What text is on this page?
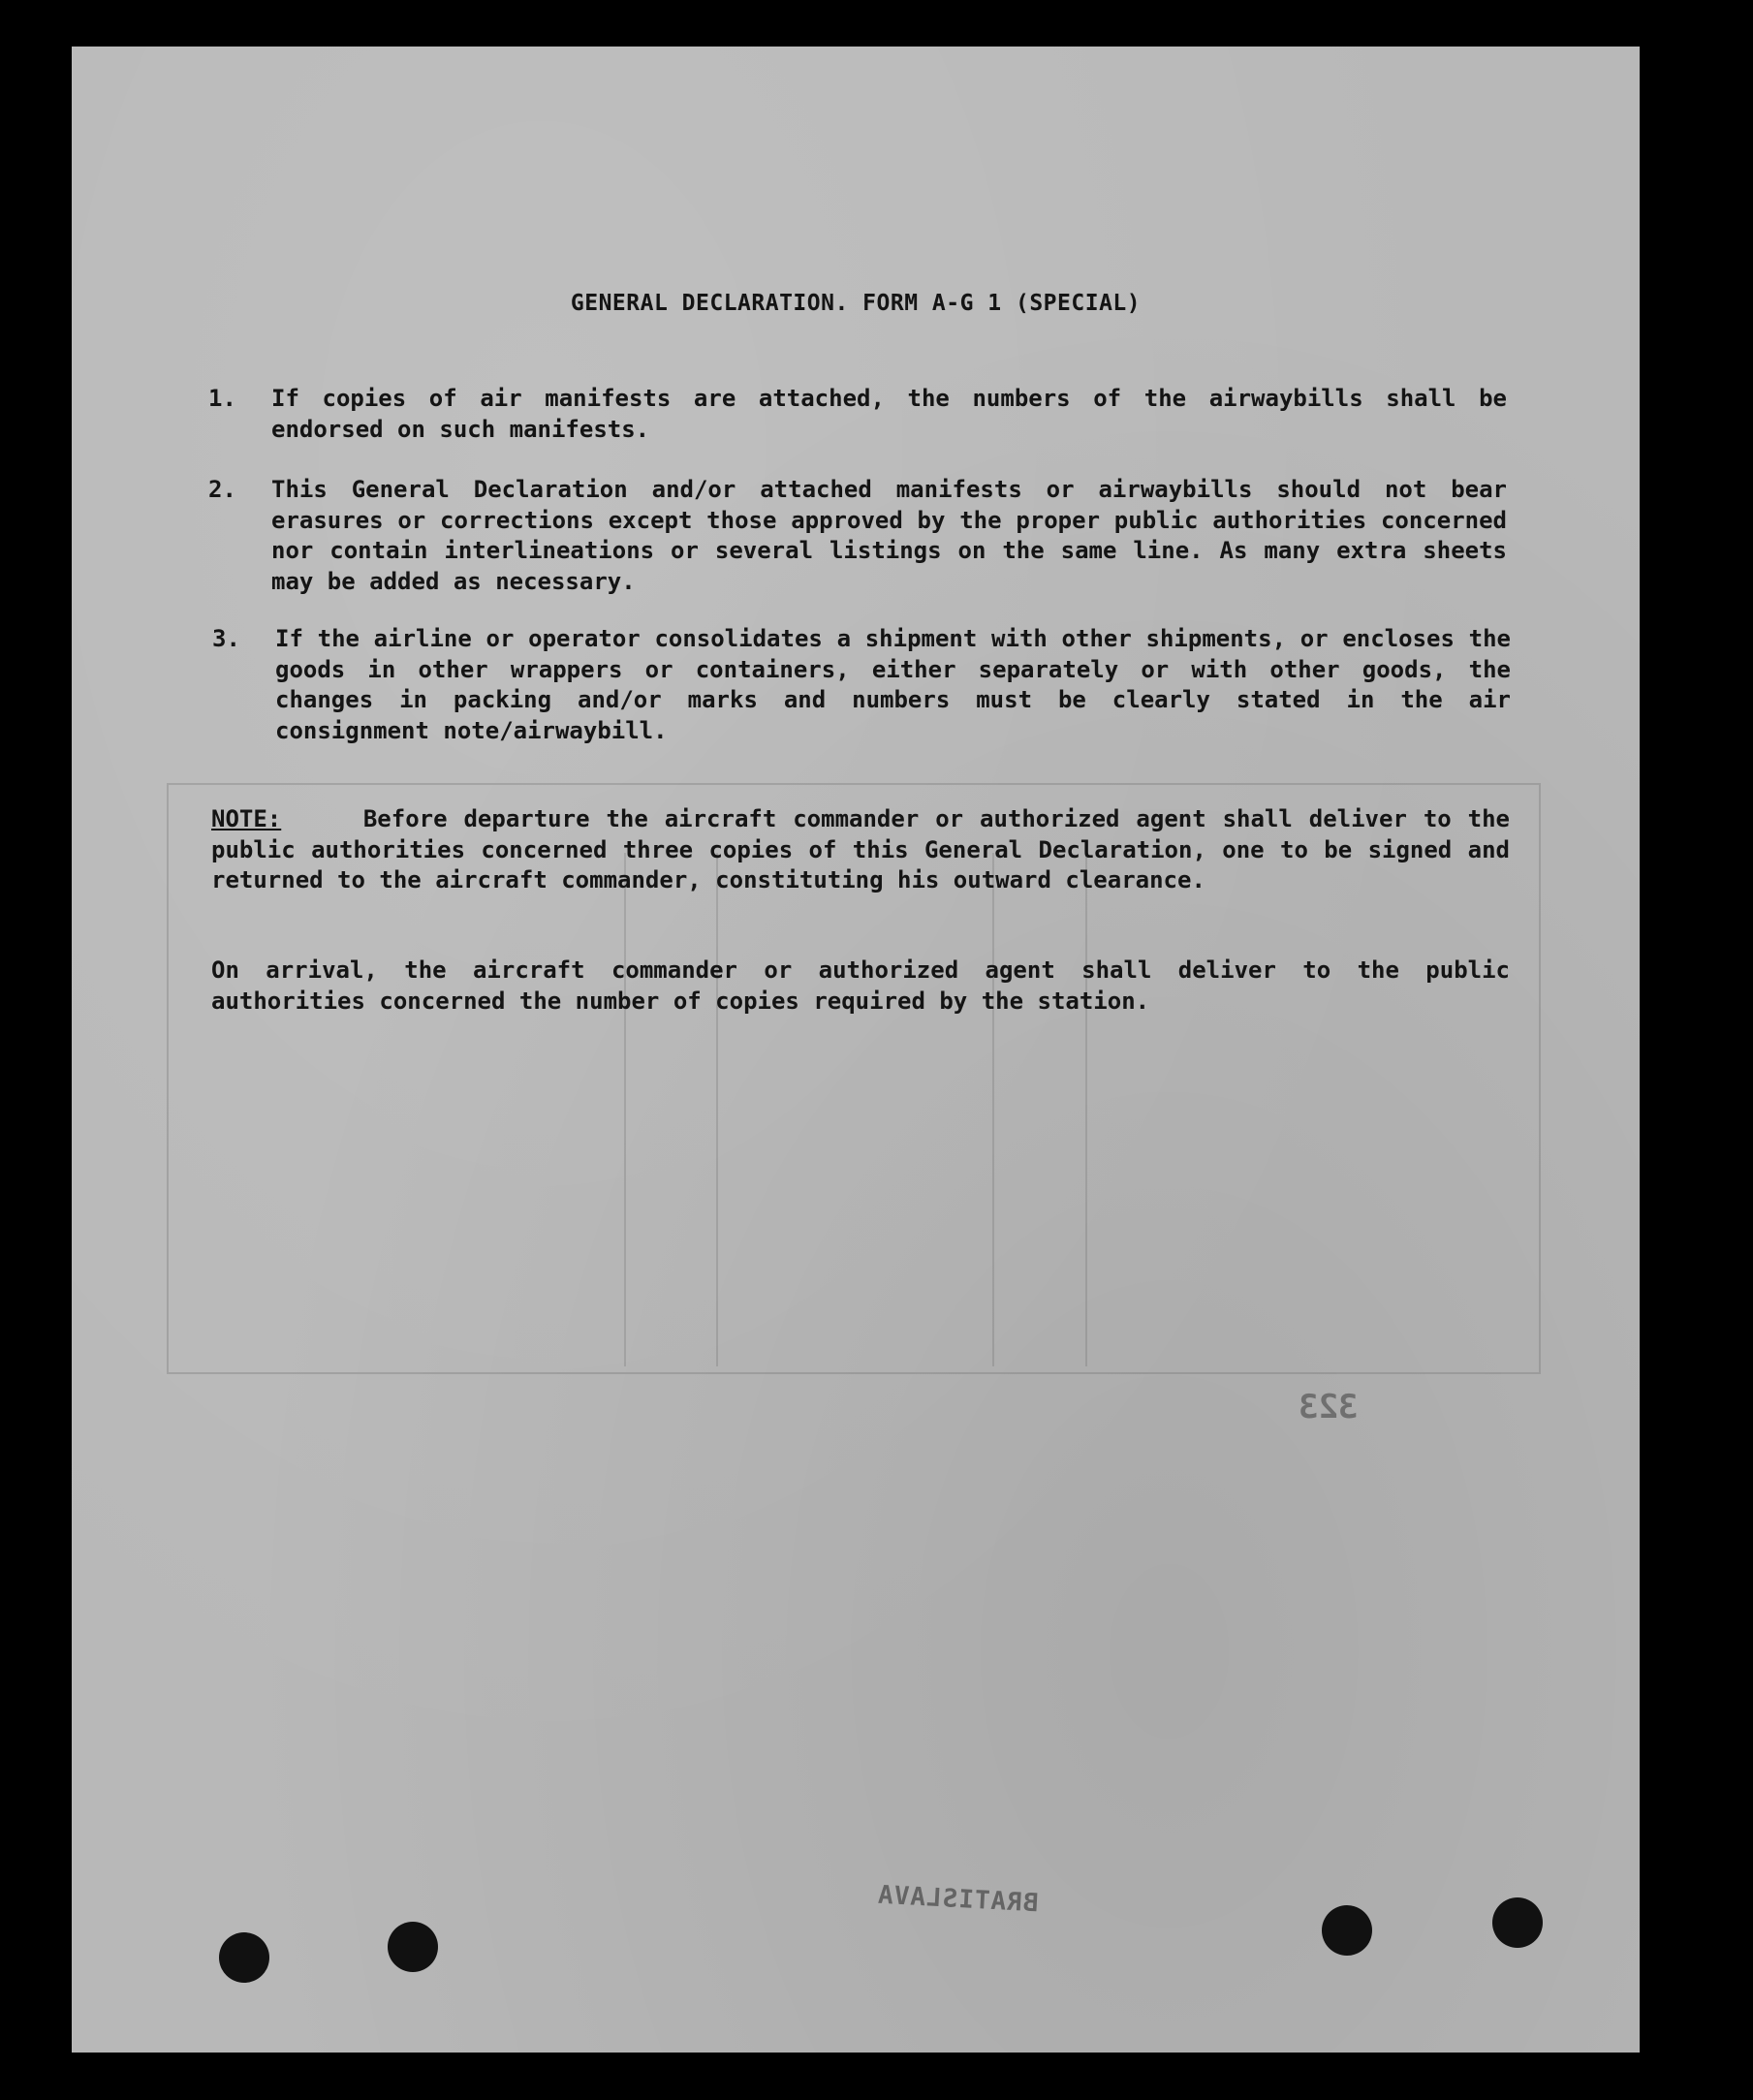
GENERAL DECLARATION. FORM A-G 1 (SPECIAL)
1.	If copies of air manifests are attached, the numbers of the airwaybills shall be endorsed on such manifests.
2.	This General Declaration and/or attached manifests or airwaybills should not bear erasures or corrections except those approved by the proper public authorities concerned nor contain interlineations or several listings on the same line. As many extra sheets may be added as necessary.
3.	If the airline or operator consolidates a shipment with other shipments, or encloses the goods in other wrappers or containers, either separately or with other goods, the changes in packing and/or marks and numbers must be clearly stated in the air consignment note/airwaybill.
NOTE:	Before departure the aircraft commander or authorized agent shall deliver to the public authorities concerned three copies of this General Declaration, one to be signed and returned to the aircraft commander, constituting his outward clearance.
On arrival, the aircraft commander or authorized agent shall deliver to the public authorities concerned the number of copies required by the station.
323
BRATISLAVA
